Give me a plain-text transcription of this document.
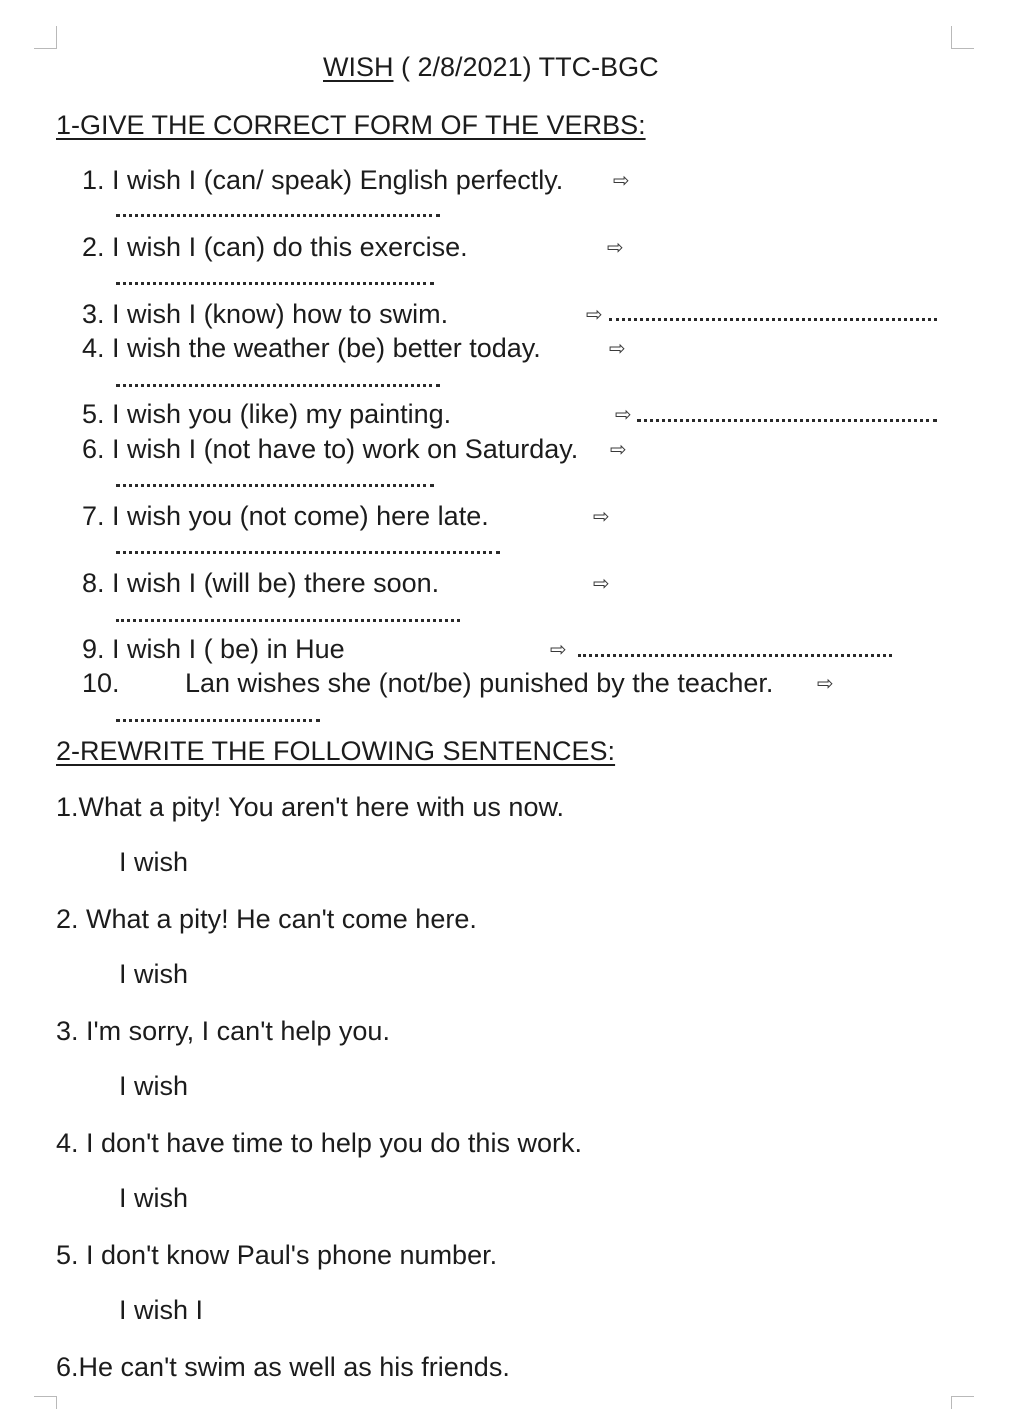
WISH ( 2/8/2021) TTC-BGC
1-GIVE THE CORRECT FORM OF THE VERBS:
1. I wish I (can/ speak) English perfectly. ⇨
2. I wish I (can) do this exercise.	⇨
3. I wish I (know) how to swim.	⇨
4. I wish the weather (be) better today.	⇨
5. I wish you (like) my painting.	⇨
6. I wish I (not have to) work on Saturday. ⇨
7. I wish you (not come) here late.	⇨
8. I wish I (will be) there soon.	⇨
9. I wish I ( be) in Hue	⇨
10. Lan wishes she (not/be) punished by the teacher. ⇨
2-REWRITE THE FOLLOWING SENTENCES:
1.What a pity! You aren't here with us now.
I wish
2. What a pity! He can't come here.
I wish
3. I'm sorry, I can't help you.
I wish
4. I don't have time to help you do this work.
I wish
5. I don't know Paul's phone number.
I wish I
6.He can't swim as well as his friends.
